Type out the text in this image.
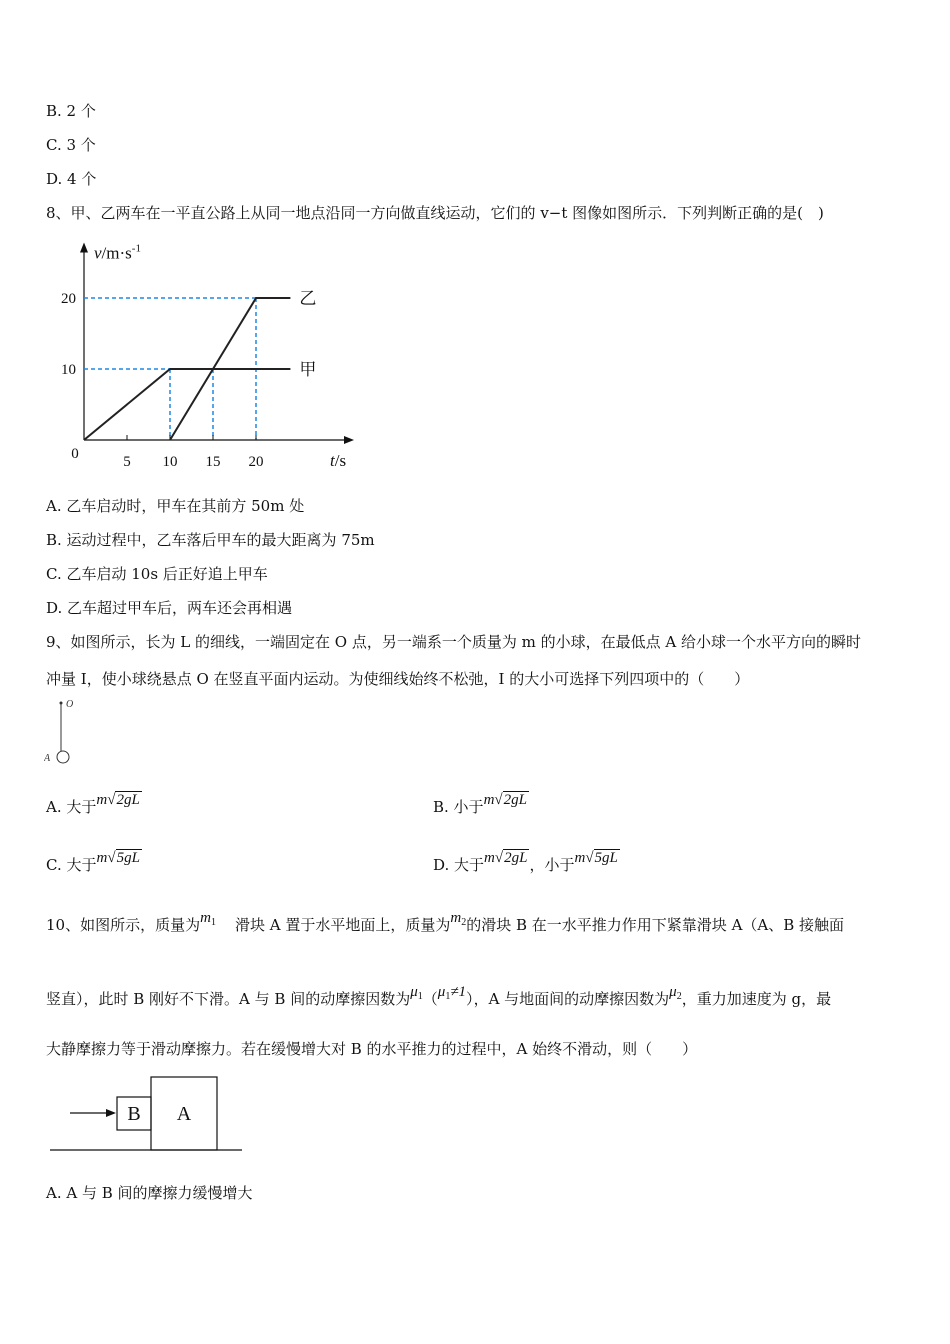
B. 2 个
C. 3 个
D. 4 个
8、甲、乙两车在一平直公路上从同一地点沿同一方向做直线运动，它们的 v−t 图像如图所示．下列判断正确的是(　)
0	5 10 15 20
10
20
甲
乙
$v/m\cdot s^{-1}$
t/s
A. 乙车启动时，甲车在其前方 50m 处
B. 运动过程中，乙车落后甲车的最大距离为 75m
C. 乙车启动 10s 后正好追上甲车
D. 乙车超过甲车后，两车还会再相遇
9、如图所示，长为 L 的细线，一端固定在 O 点，另一端系一个质量为 m 的小球，在最低点 A 给小球一个水平方向的瞬时
冲量 I，使小球绕悬点 O 在竖直平面内运动。为使细线始终不松弛，I 的大小可选择下列四项中的（　　）
O
A
A. 大于m√2gL	B. 小于m√2gL
C. 大于m√5gL	D. 大于m√2gL ，小于m√5gL
10、如图所示，质量为$m_1$ 滑块 A 置于水平地面上，质量为$m_2$的滑块 B 在一水平推力作用下紧靠滑块 A（A、B 接触面
竖直），此时 B 刚好不下滑。A 与 B 间的动摩擦因数为$\mu_1(\mu_1\ne 1)$，A 与地面间的动摩擦因数为$\mu_2$，重力加速度为 g，最
大静摩擦力等于滑动摩擦力。若在缓慢增大对 B 的水平推力的过程中，A 始终不滑动，则（　　）
B A
A. A 与 B 间的摩擦力缓慢增大
